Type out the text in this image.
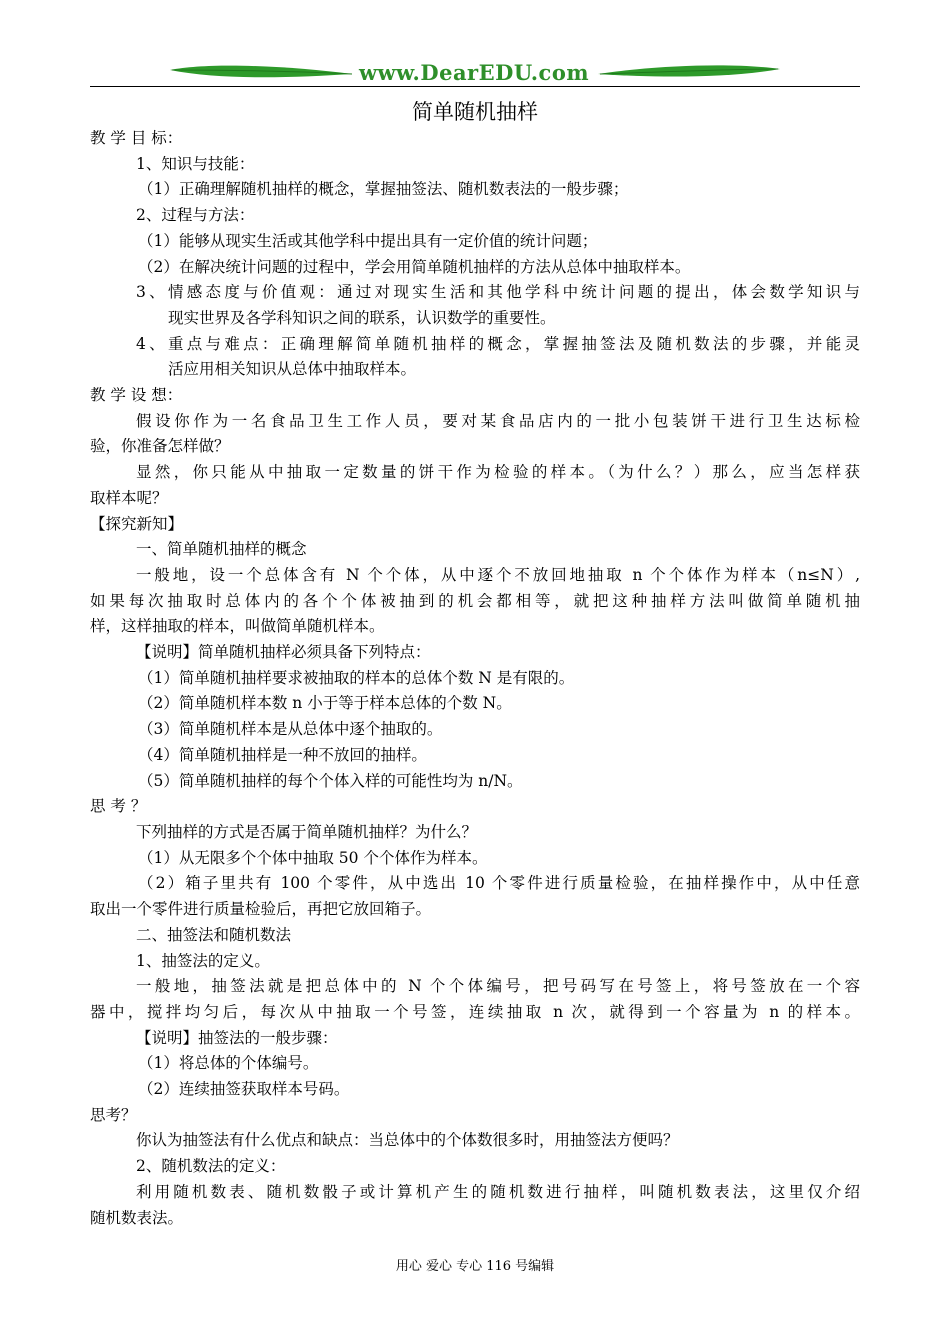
www.DearEDU.com
简单随机抽样
教 学 目 标：
1、知识与技能：
（1）正确理解随机抽样的概念，掌握抽签法、随机数表法的一般步骤；
2、过程与方法：
（1）能够从现实生活或其他学科中提出具有一定价值的统计问题；
（2）在解决统计问题的过程中，学会用简单随机抽样的方法从总体中抽取样本。
3、情感态度与价值观：通过对现实生活和其他学科中统计问题的提出，体会数学知识与
现实世界及各学科知识之间的联系，认识数学的重要性。
4、重点与难点：正确理解简单随机抽样的概念，掌握抽签法及随机数法的步骤，并能灵
活应用相关知识从总体中抽取样本。
教 学 设 想：
假设你作为一名食品卫生工作人员，要对某食品店内的一批小包装饼干进行卫生达标检
验，你准备怎样做？
显然，你只能从中抽取一定数量的饼干作为检验的样本。（为什么？）那么，应当怎样获
取样本呢？
【探究新知】
一、简单随机抽样的概念
一般地，设一个总体含有 N 个个体，从中逐个不放回地抽取 n 个个体作为样本（n≤N）,
如果每次抽取时总体内的各个个体被抽到的机会都相等，就把这种抽样方法叫做简单随机抽
样，这样抽取的样本，叫做简单随机样本。
【说明】简单随机抽样必须具备下列特点：
（1）简单随机抽样要求被抽取的样本的总体个数 N 是有限的。
（2）简单随机样本数 n 小于等于样本总体的个数 N。
（3）简单随机样本是从总体中逐个抽取的。
（4）简单随机抽样是一种不放回的抽样。
（5）简单随机抽样的每个个体入样的可能性均为 n/N。
思 考 ？
下列抽样的方式是否属于简单随机抽样？为什么？
（1）从无限多个个体中抽取 50 个个体作为样本。
（2）箱子里共有 100 个零件，从中选出 10 个零件进行质量检验，在抽样操作中，从中任意
取出一个零件进行质量检验后，再把它放回箱子。
二、抽签法和随机数法
1、抽签法的定义。
一般地，抽签法就是把总体中的 N 个个体编号，把号码写在号签上，将号签放在一个容
器中，搅拌均匀后，每次从中抽取一个号签，连续抽取 n 次，就得到一个容量为 n 的样本。
【说明】抽签法的一般步骤：
（1）将总体的个体编号。
（2）连续抽签获取样本号码。
思考？
你认为抽签法有什么优点和缺点：当总体中的个体数很多时，用抽签法方便吗？
2、随机数法的定义：
利用随机数表、随机数骰子或计算机产生的随机数进行抽样，叫随机数表法，这里仅介绍
随机数表法。
用心 爱心 专心 116 号编辑
